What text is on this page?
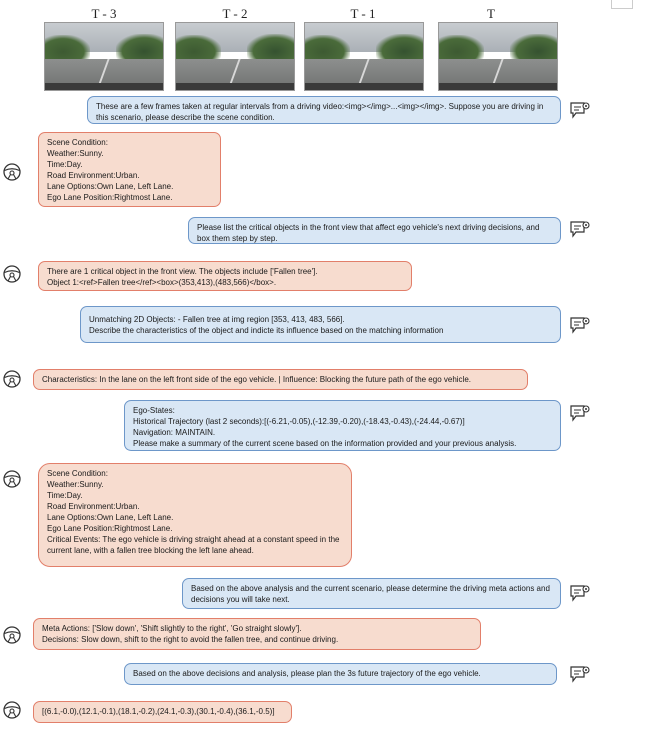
T - 3	T - 2	T - 1	T
These are a few frames taken at regular intervals from a driving video:<img></img>...<img></img>. Suppose you are driving in this scenario, please describe the scene condition.
Scene Condition:
Weather:Sunny.
Time:Day.
Road Environment:Urban.
Lane Options:Own Lane, Left Lane.
Ego Lane Position:Rightmost Lane.
Please list the critical objects in the front view that affect ego vehicle's next driving decisions, and box them step by step.
There are 1 critical object in the front view. The objects include ['Fallen tree'].
Object 1:<ref>Fallen tree</ref><box>(353,413),(483,566)</box>.
Unmatching 2D Objects: - Fallen tree at img region [353, 413, 483, 566].
Describe the characteristics of the object and indicte its influence based on the matching information
Characteristics: In the lane on the left front side of the ego vehicle. | Influence: Blocking the future path of the ego vehicle.
Ego-States:
Historical Trajectory (last 2 seconds):[(-6.21,-0.05),(-12.39,-0.20),(-18.43,-0.43),(-24.44,-0.67)]
Navigation: MAINTAIN.
Please make a summary of the current scene based on the information provided and your previous analysis.
Scene Condition:
Weather:Sunny.
Time:Day.
Road Environment:Urban.
Lane Options:Own Lane, Left Lane.
Ego Lane Position:Rightmost Lane.
Critical Events: The ego vehicle is driving straight ahead at a constant speed in the current lane, with a fallen tree blocking the left lane ahead.
Based on the above analysis and the current scenario, please determine the driving meta actions and decisions you will take next.
Meta Actions: ['Slow down', 'Shift slightly to the right', 'Go straight slowly'].
Decisions: Slow down, shift to the right to avoid the fallen tree, and continue driving.
Based on the above decisions and analysis, please plan the 3s future trajectory of the ego vehicle.
[(6.1,-0.0),(12.1,-0.1),(18.1,-0.2),(24.1,-0.3),(30.1,-0.4),(36.1,-0.5)]
